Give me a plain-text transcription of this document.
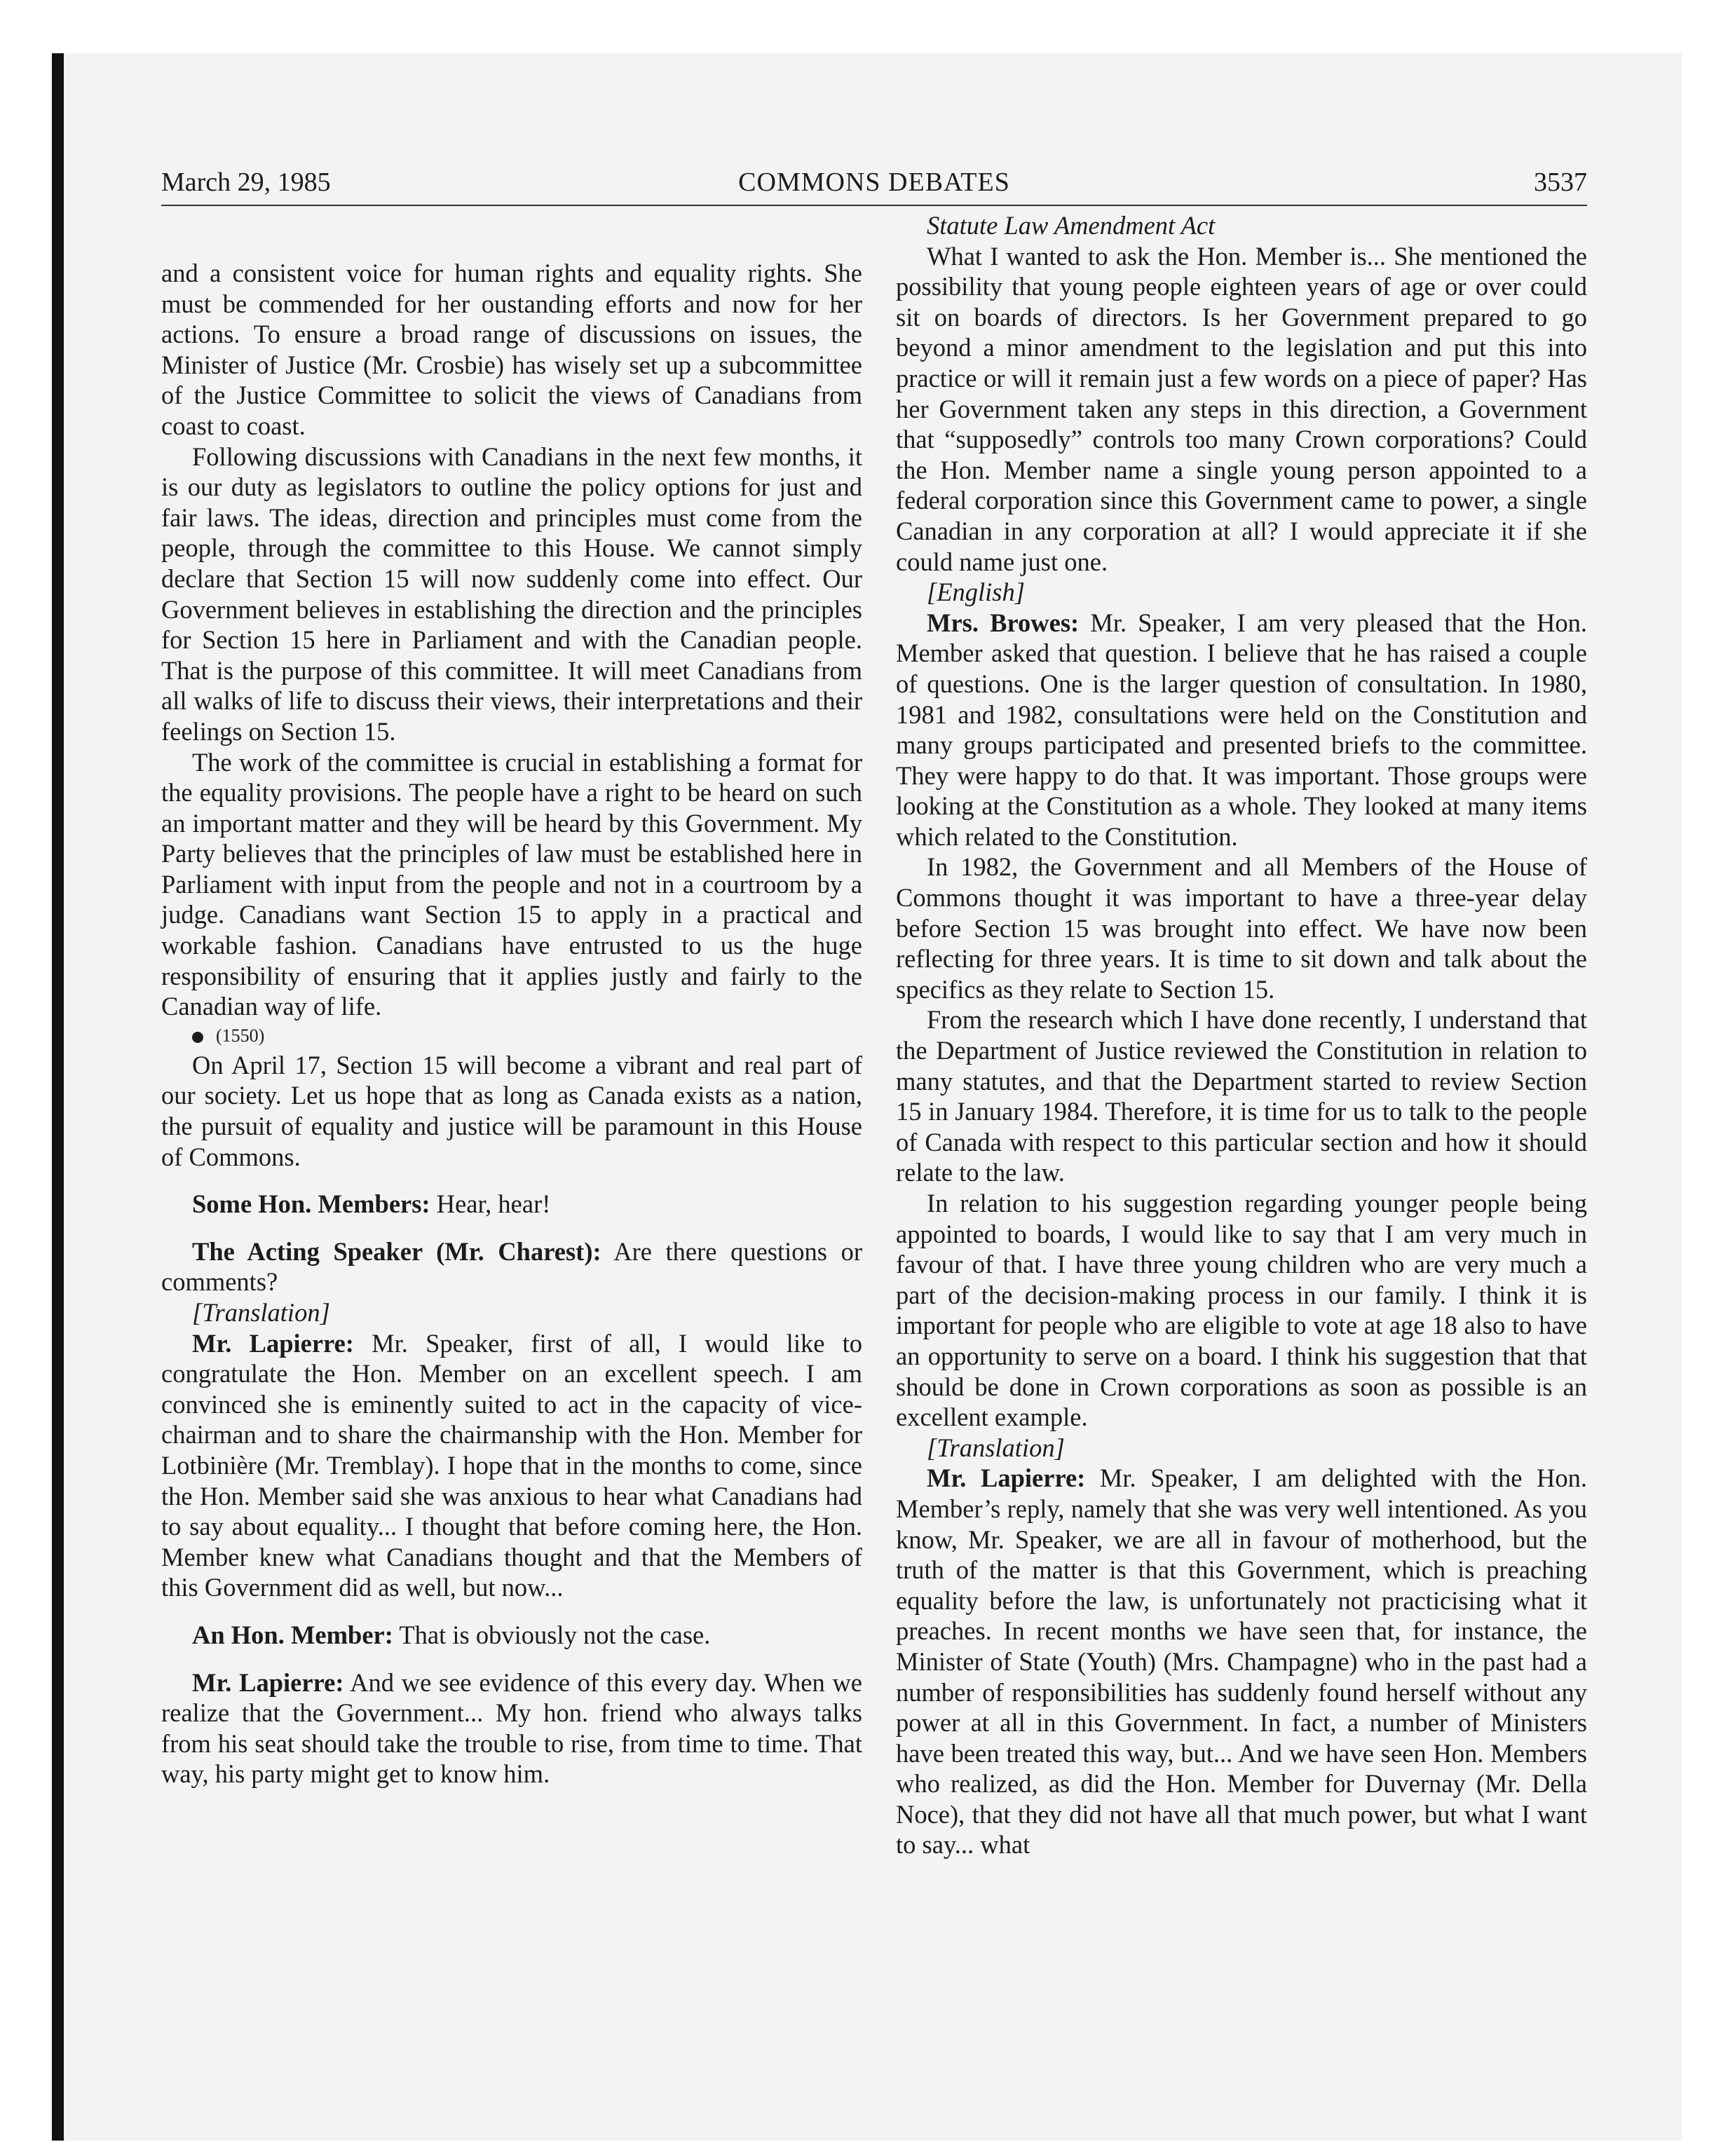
March 29, 1985	COMMONS DEBATES	3537

and a consistent voice for human rights and equality rights. She must be commended for her oustanding efforts and now for her actions. To ensure a broad range of discussions on issues, the Minister of Justice (Mr. Crosbie) has wisely set up a subcommittee of the Justice Committee to solicit the views of Canadians from coast to coast.

Following discussions with Canadians in the next few months, it is our duty as legislators to outline the policy options for just and fair laws. The ideas, direction and principles must come from the people, through the committee to this House. We cannot simply declare that Section 15 will now suddenly come into effect. Our Government believes in establishing the direction and the principles for Section 15 here in Parliament and with the Canadian people. That is the purpose of this committee. It will meet Canadians from all walks of life to discuss their views, their interpretations and their feelings on Section 15.

The work of the committee is crucial in establishing a format for the equality provisions. The people have a right to be heard on such an important matter and they will be heard by this Government. My Party believes that the principles of law must be established here in Parliament with input from the people and not in a courtroom by a judge. Canadians want Section 15 to apply in a practical and workable fashion. Canadians have entrusted to us the huge responsibility of ensuring that it applies justly and fairly to the Canadian way of life.

(1550)

On April 17, Section 15 will become a vibrant and real part of our society. Let us hope that as long as Canada exists as a nation, the pursuit of equality and justice will be paramount in this House of Commons.

Some Hon. Members: Hear, hear!

The Acting Speaker (Mr. Charest): Are there questions or comments?

[Translation]

Mr. Lapierre: Mr. Speaker, first of all, I would like to congratulate the Hon. Member on an excellent speech. I am convinced she is eminently suited to act in the capacity of vice-chairman and to share the chairmanship with the Hon. Member for Lotbinière (Mr. Tremblay). I hope that in the months to come, since the Hon. Member said she was anxious to hear what Canadians had to say about equality... I thought that before coming here, the Hon. Member knew what Canadians thought and that the Members of this Government did as well, but now...

An Hon. Member: That is obviously not the case.

Mr. Lapierre: And we see evidence of this every day. When we realize that the Government... My hon. friend who always talks from his seat should take the trouble to rise, from time to time. That way, his party might get to know him.

Statute Law Amendment Act

What I wanted to ask the Hon. Member is... She mentioned the possibility that young people eighteen years of age or over could sit on boards of directors. Is her Government prepared to go beyond a minor amendment to the legislation and put this into practice or will it remain just a few words on a piece of paper? Has her Government taken any steps in this direction, a Government that “supposedly” controls too many Crown corporations? Could the Hon. Member name a single young person appointed to a federal corporation since this Government came to power, a single Canadian in any corporation at all? I would appreciate it if she could name just one.

[English]

Mrs. Browes: Mr. Speaker, I am very pleased that the Hon. Member asked that question. I believe that he has raised a couple of questions. One is the larger question of consultation. In 1980, 1981 and 1982, consultations were held on the Constitution and many groups participated and presented briefs to the committee. They were happy to do that. It was important. Those groups were looking at the Constitution as a whole. They looked at many items which related to the Constitution.

In 1982, the Government and all Members of the House of Commons thought it was important to have a three-year delay before Section 15 was brought into effect. We have now been reflecting for three years. It is time to sit down and talk about the specifics as they relate to Section 15.

From the research which I have done recently, I understand that the Department of Justice reviewed the Constitution in relation to many statutes, and that the Department started to review Section 15 in January 1984. Therefore, it is time for us to talk to the people of Canada with respect to this particular section and how it should relate to the law.

In relation to his suggestion regarding younger people being appointed to boards, I would like to say that I am very much in favour of that. I have three young children who are very much a part of the decision-making process in our family. I think it is important for people who are eligible to vote at age 18 also to have an opportunity to serve on a board. I think his suggestion that that should be done in Crown corporations as soon as possible is an excellent example.

[Translation]

Mr. Lapierre: Mr. Speaker, I am delighted with the Hon. Member’s reply, namely that she was very well intentioned. As you know, Mr. Speaker, we are all in favour of motherhood, but the truth of the matter is that this Government, which is preaching equality before the law, is unfortunately not practicising what it preaches. In recent months we have seen that, for instance, the Minister of State (Youth) (Mrs. Champagne) who in the past had a number of responsibilities has suddenly found herself without any power at all in this Government. In fact, a number of Ministers have been treated this way, but... And we have seen Hon. Members who realized, as did the Hon. Member for Duvernay (Mr. Della Noce), that they did not have all that much power, but what I want to say... what
